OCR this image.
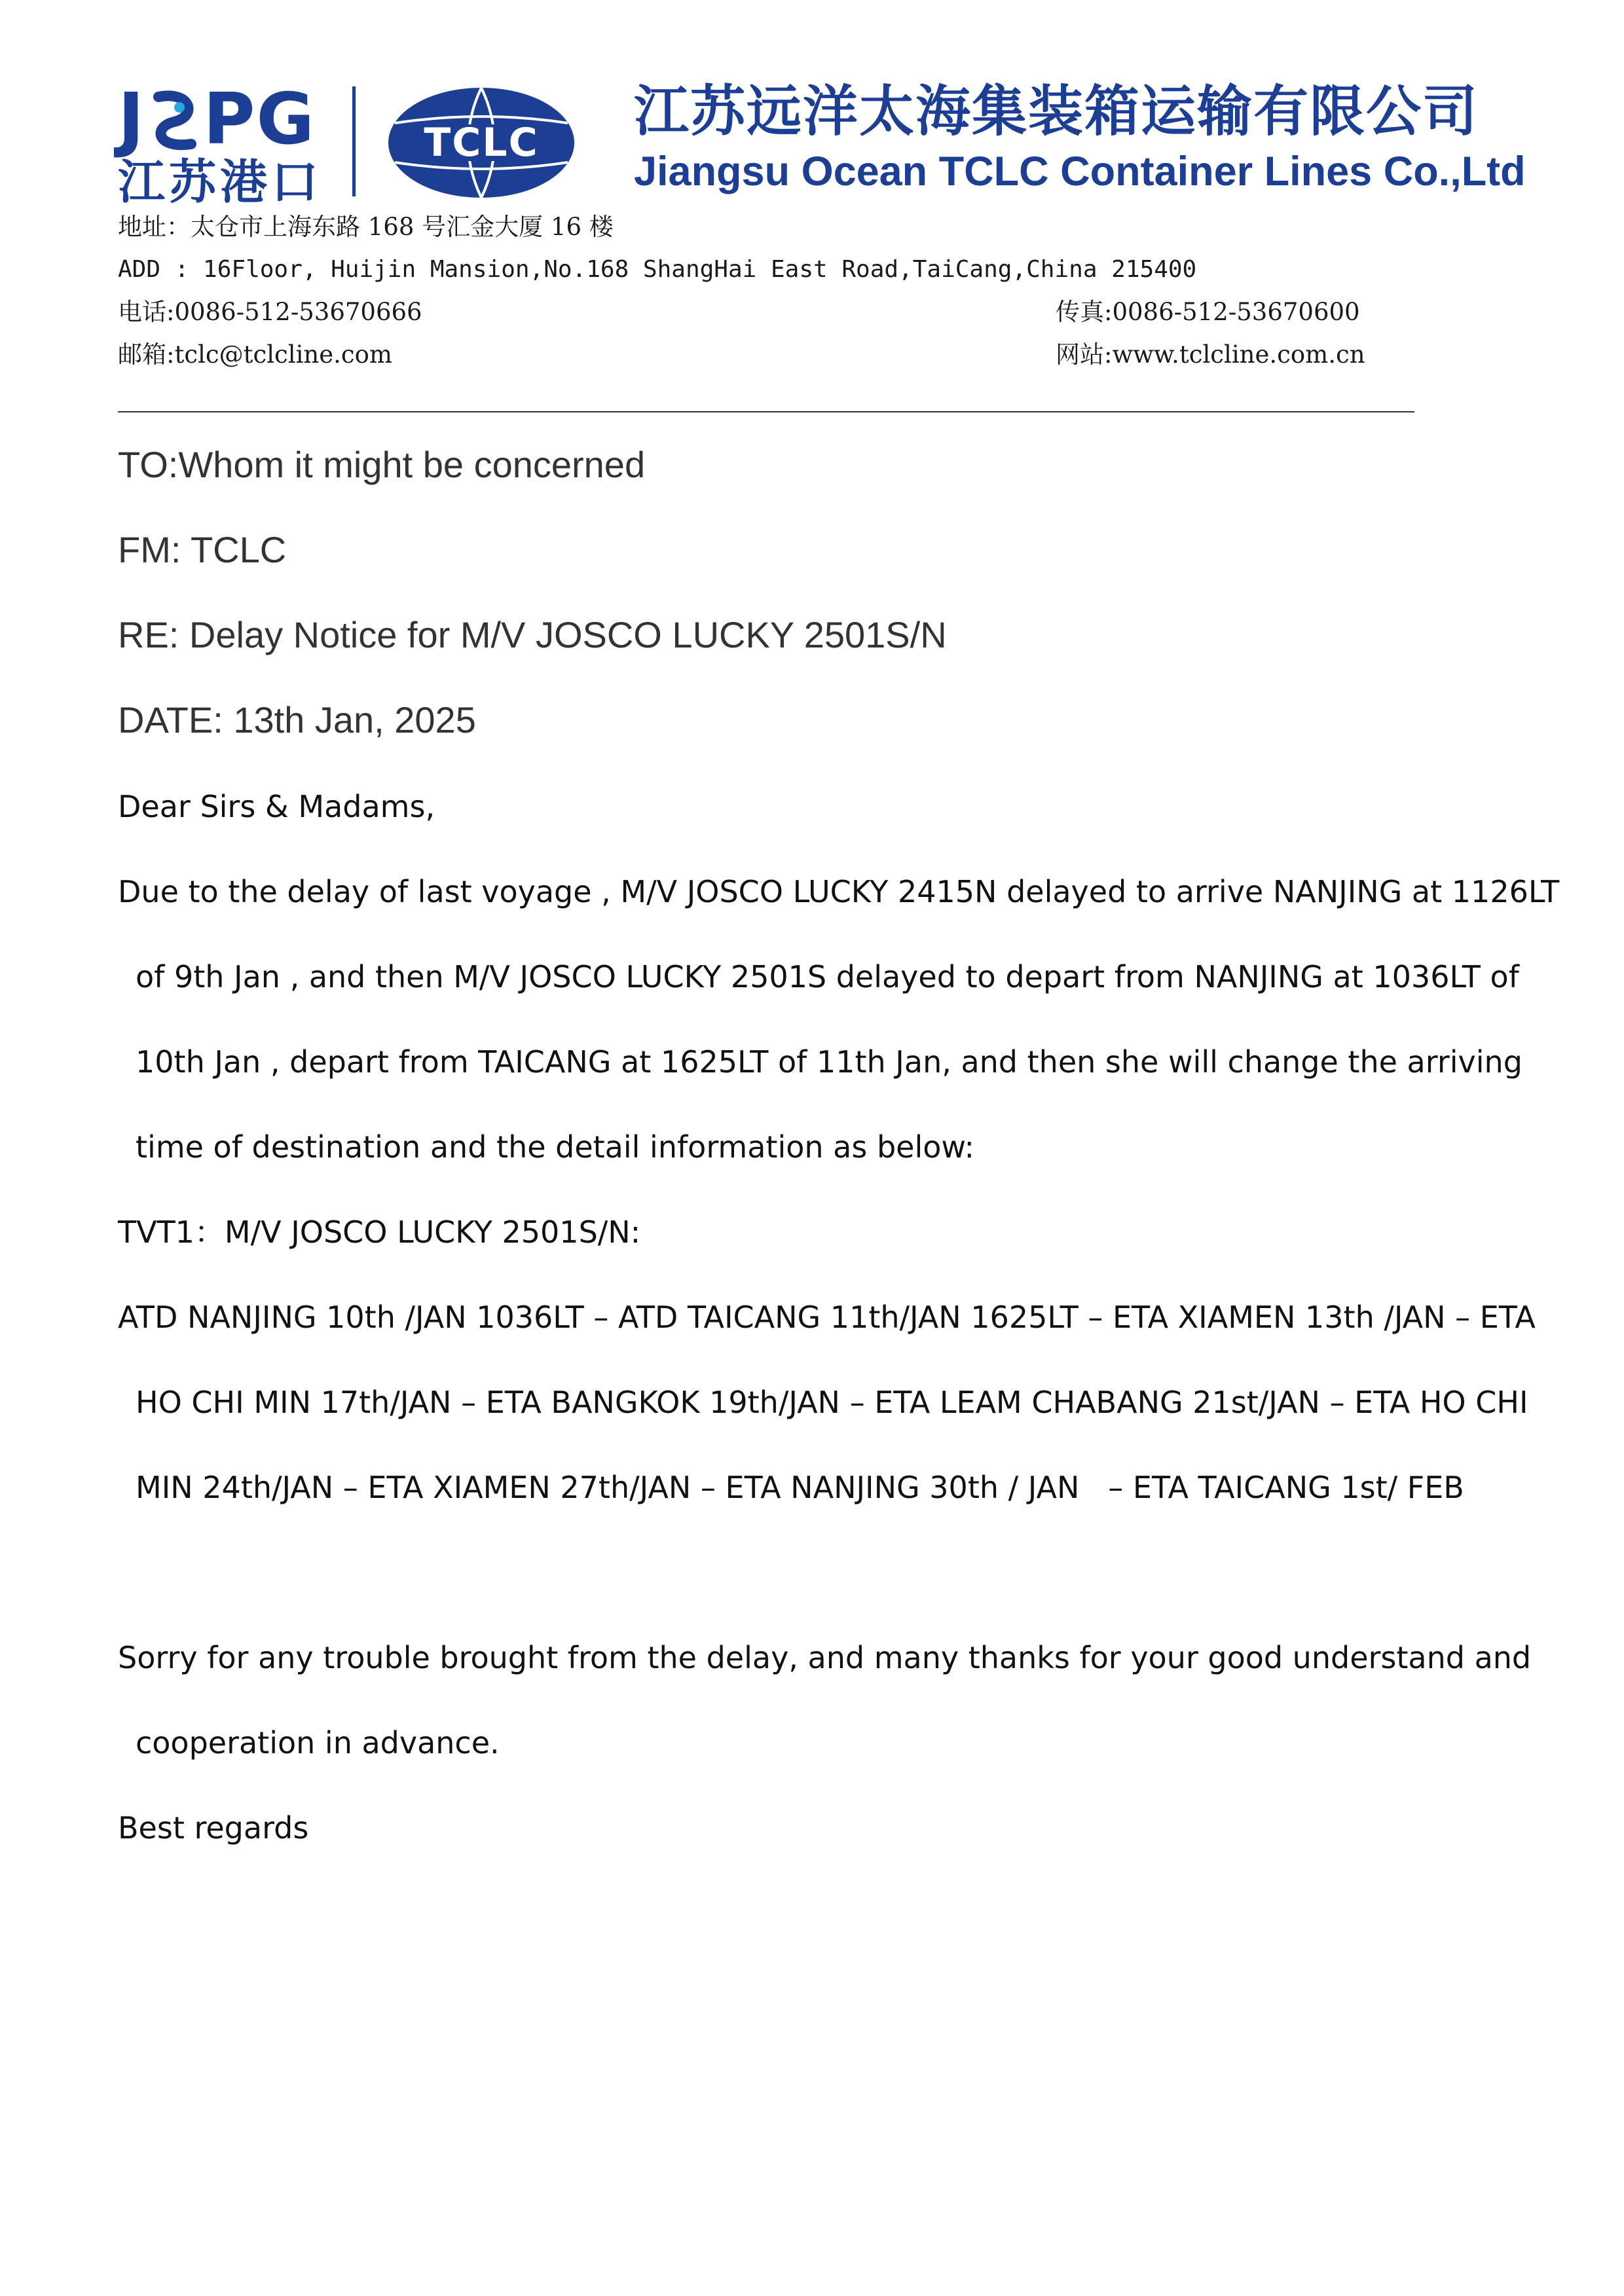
J PG
江苏港口
TCLC 江苏远洋太海集装箱运输有限公司
Jiangsu Ocean TCLC Container Lines Co.,Ltd
地址：太仓市上海东路 168 号汇金大厦 16 楼
ADD : 16Floor, Huijin Mansion,No.168 ShangHai East Road,TaiCang,China 215400
电话:0086-512-53670666	传真:0086-512-53670600
邮箱:tclc@tclcline.com	网站:www.tclcline.com.cn
TO:Whom it might be concerned
FM: TCLC
RE: Delay Notice for M/V JOSCO LUCKY 2501S/N
DATE: 13th Jan, 2025
Dear Sirs & Madams,
Due to the delay of last voyage , M/V JOSCO LUCKY 2415N delayed to arrive NANJING at 1126LT
of 9th Jan , and then M/V JOSCO LUCKY 2501S delayed to depart from NANJING at 1036LT of
10th Jan , depart from TAICANG at 1625LT of 11th Jan, and then she will change the arriving
time of destination and the detail information as below:
TVT1：M/V JOSCO LUCKY 2501S/N:
ATD NANJING 10th /JAN 1036LT – ATD TAICANG 11th/JAN 1625LT – ETA XIAMEN 13th /JAN – ETA
HO CHI MIN 17th/JAN – ETA BANGKOK 19th/JAN – ETA LEAM CHABANG 21st/JAN – ETA HO CHI
MIN 24th/JAN – ETA XIAMEN 27th/JAN – ETA NANJING 30th / JAN   – ETA TAICANG 1st/ FEB
Sorry for any trouble brought from the delay, and many thanks for your good understand and
cooperation in advance.
Best regards
